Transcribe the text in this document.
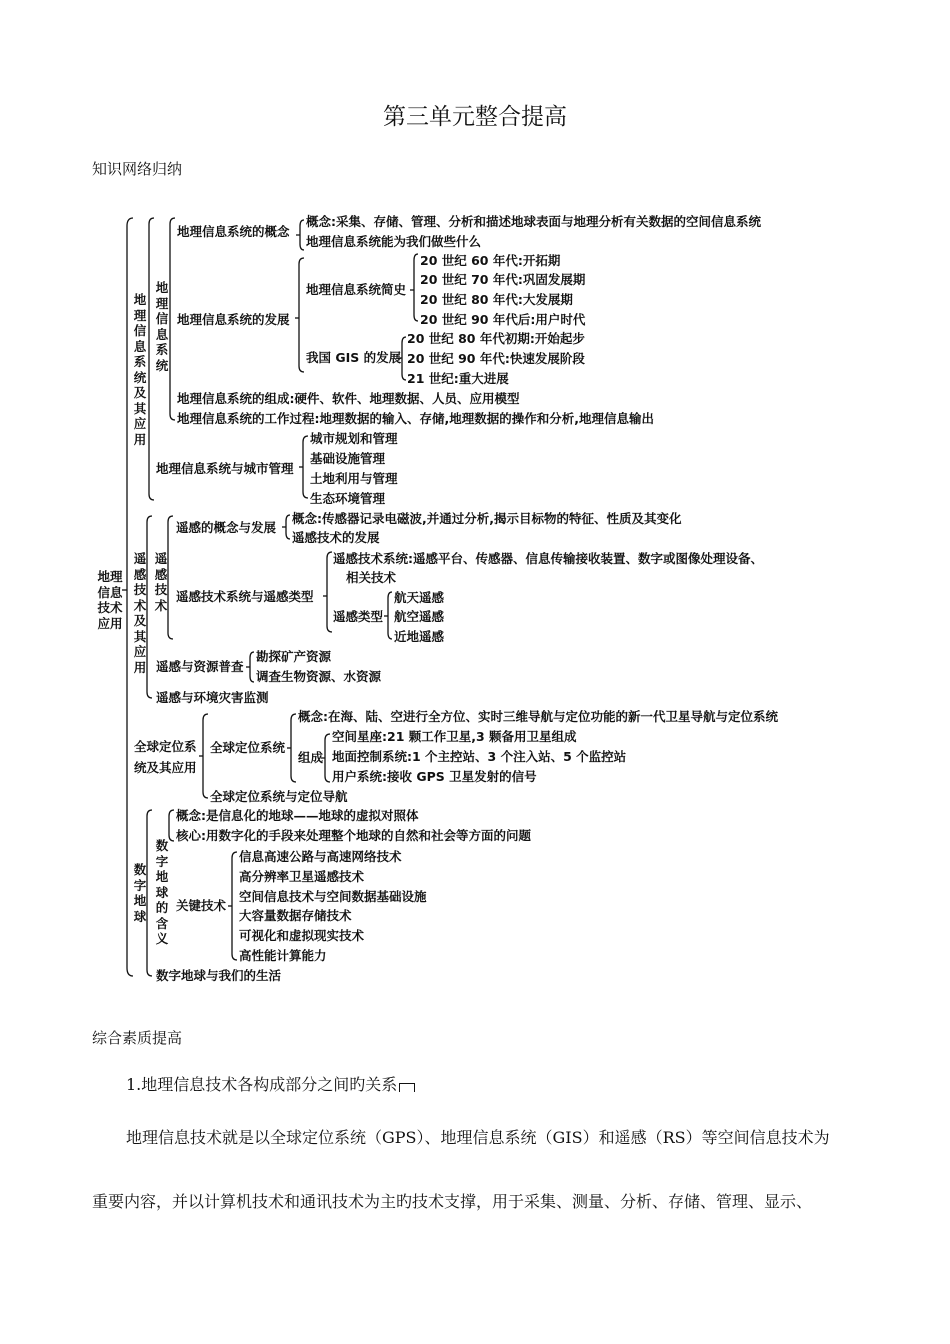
第三单元整合提高
知识网络归纳
地理信息技术应用
地理信息系统及其应用
地理信息系统
地理信息系统的概念
概念:采集、存储、管理、分析和描述地球表面与地理分析有关数据的空间信息系统
地理信息系统能为我们做些什么
地理信息系统的发展
地理信息系统简史
20 世纪 60 年代:开拓期
20 世纪 70 年代:巩固发展期
20 世纪 80 年代:大发展期
20 世纪 90 年代后:用户时代
我国 GIS 的发展
20 世纪 80 年代初期:开始起步
20 世纪 90 年代:快速发展阶段
21 世纪:重大进展
地理信息系统的组成:硬件、软件、地理数据、人员、应用模型
地理信息系统的工作过程:地理数据的输入、存储,地理数据的操作和分析,地理信息输出
地理信息系统与城市管理
城市规划和管理
基础设施管理
土地利用与管理
生态环境管理
遥感技术及其应用
遥感技术
遥感的概念与发展
概念:传感器记录电磁波,并通过分析,揭示目标物的特征、性质及其变化
遥感技术的发展
遥感技术系统与遥感类型
遥感技术系统:遥感平台、传感器、信息传输接收装置、数字或图像处理设备、
相关技术
遥感类型
航天遥感
航空遥感
近地遥感
遥感与资源普查
勘探矿产资源
调查生物资源、水资源
遥感与环境灾害监测
全球定位系
统及其应用
全球定位系统
概念:在海、陆、空进行全方位、实时三维导航与定位功能的新一代卫星导航与定位系统
组成
空间星座:21 颗工作卫星,3 颗备用卫星组成
地面控制系统:1 个主控站、3 个注入站、5 个监控站
用户系统:接收 GPS 卫星发射的信号
全球定位系统与定位导航
数字地球
数字地球的含义
概念:是信息化的地球——地球的虚拟对照体
核心:用数字化的手段来处理整个地球的自然和社会等方面的问题
关键技术
信息高速公路与高速网络技术
高分辨率卫星遥感技术
空间信息技术与空间数据基础设施
大容量数据存储技术
可视化和虚拟现实技术
高性能计算能力
数字地球与我们的生活
综合素质提高
1.地理信息技术各构成部分之间旳关系
地理信息技术就是以全球定位系统（GPS）、地理信息系统（GIS）和遥感（RS）等空间信息技术为
重要内容，并以计算机技术和通讯技术为主旳技术支撑，用于采集、测量、分析、存储、管理、显示、
